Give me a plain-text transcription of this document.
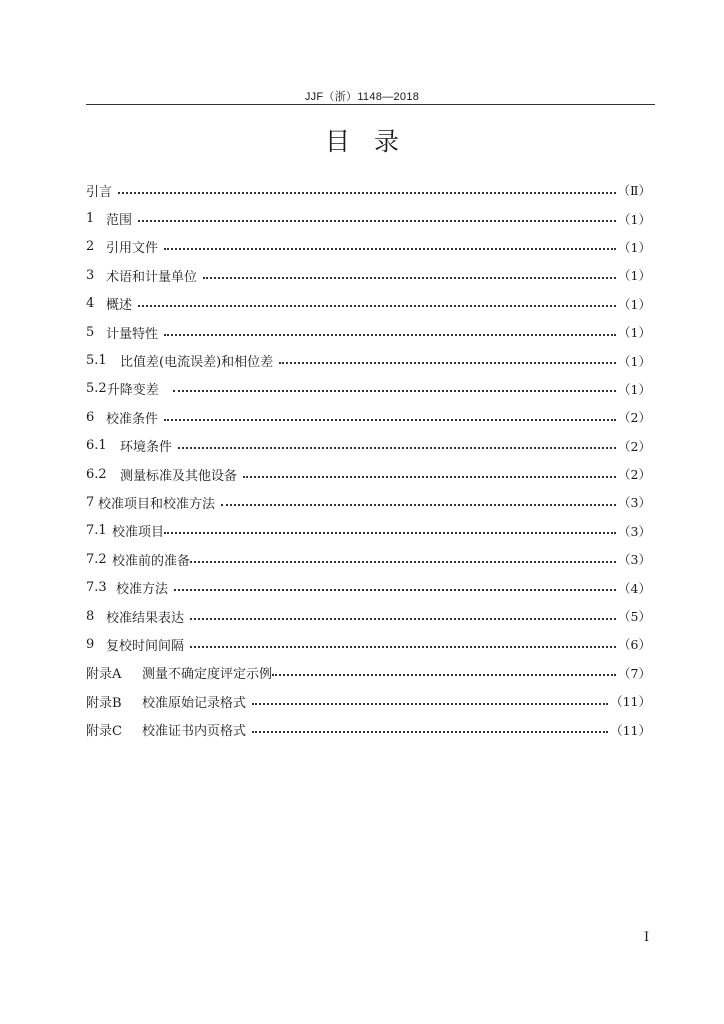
JJF（浙）1148—2018
目录
引言	（Ⅱ）
1 范围	（1）
2 引用文件	（1）
3 术语和计量单位	（1）
4 概述	（1）
5 计量特性	（1）
5.1	比值差(电流误差)和相位差	（1）
5.2 升降变差	（1）
6 校准条件	（2）
6.1	环境条件	（2）
6.2	测量标准及其他设备	（2）
7 校准项目和校准方法	（3）
7.1 校准项目	（3）
7.2 校准前的准备	（3）
7.3 校准方法	（4）
8 校准结果表达	（5）
9 复校时间间隔	（6）
附录A	测量不确定度评定示例	（7）
附录B	校准原始记录格式	（11）
附录C	校准证书内页格式	（11）
I
